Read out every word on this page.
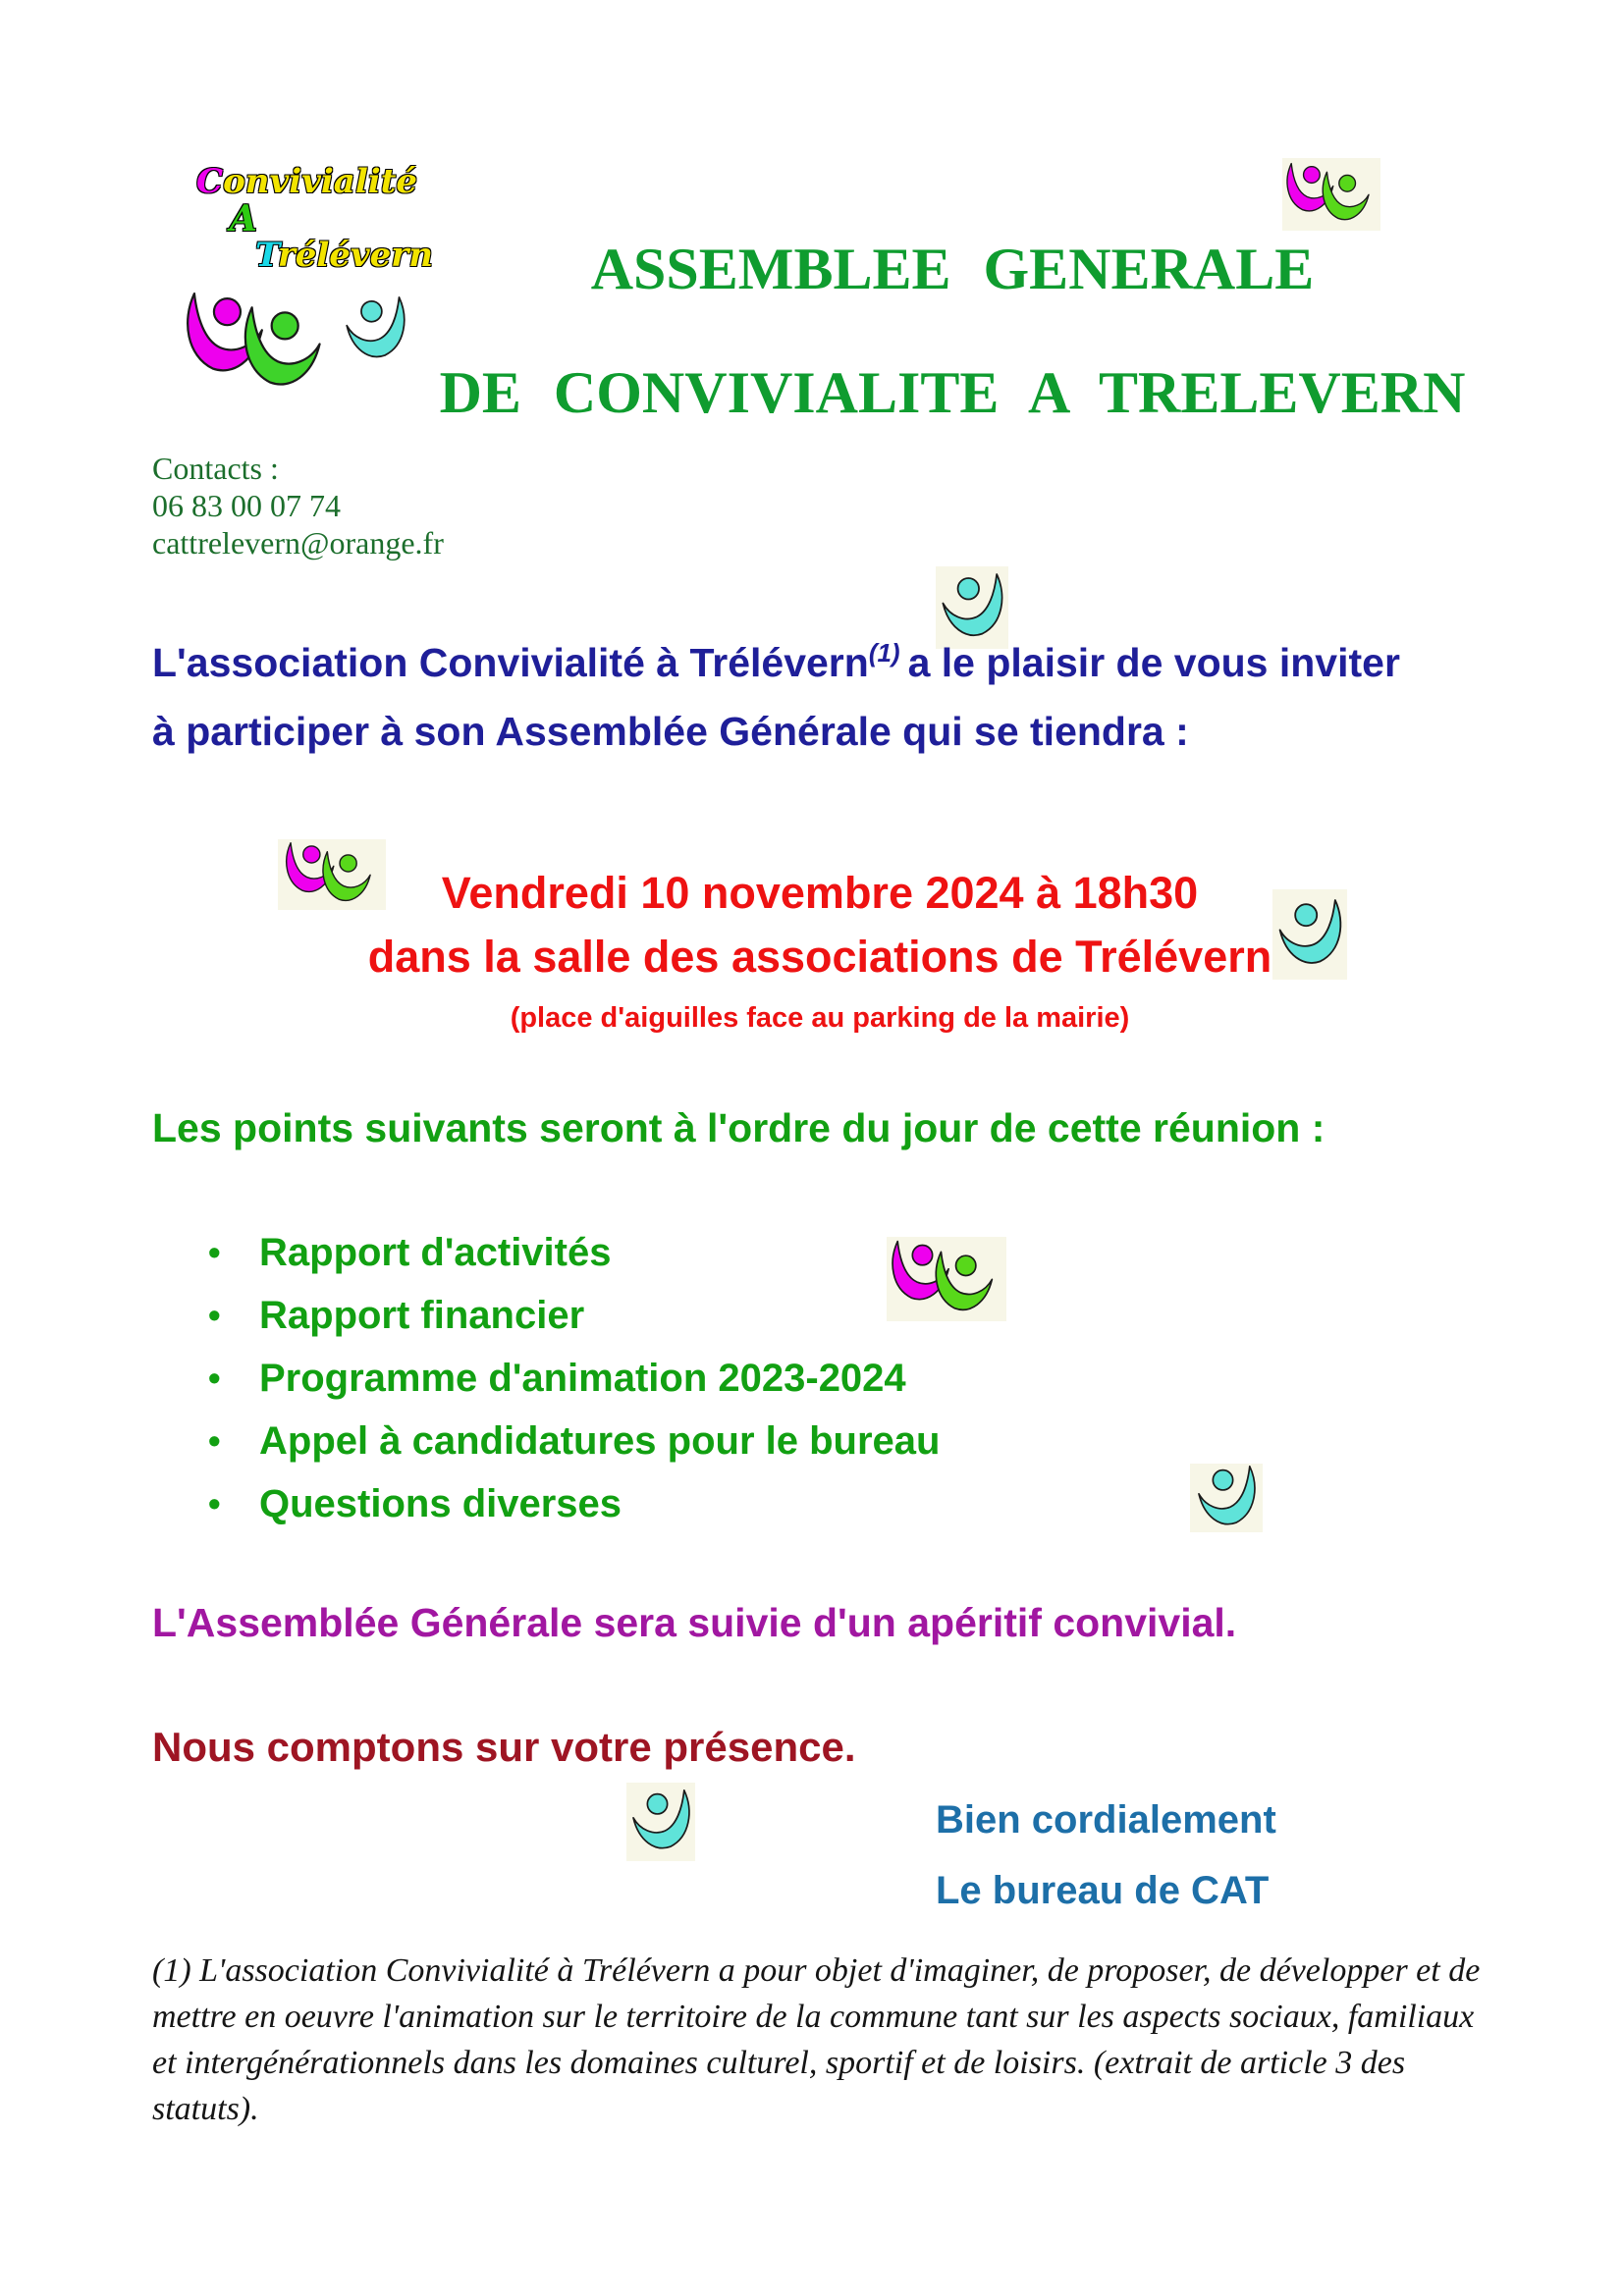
Convivialité
A
Trélévern	ASSEMBLEE GENERALE
DE CONVIVIALITE A TRELEVERN
Contacts :
06 83 00 07 74
cattrelevern@orange.fr
L'association Convivialité à Trélévern$^{(1)}$ a le plaisir de vous inviter
à participer à son Assemblée Générale qui se tiendra :
Vendredi 10 novembre 2024 à 18h30
dans la salle des associations de Trélévern
(place d'aiguilles face au parking de la mairie)
Les points suivants seront à l'ordre du jour de cette réunion :
• Rapport d'activités
• Rapport financier
• Programme d'animation 2023-2024
• Appel à candidatures pour le bureau
• Questions diverses
L'Assemblée Générale sera suivie d'un apéritif convivial.
Nous comptons sur votre présence.
Bien cordialement
Le bureau de CAT
(1) L'association Convivialité à Trélévern a pour objet d'imaginer, de proposer, de développer et de mettre en oeuvre l'animation sur le territoire de la commune tant sur les aspects sociaux, familiaux et intergénérationnels dans les domaines culturel, sportif et de loisirs. (extrait de article 3 des statuts).
